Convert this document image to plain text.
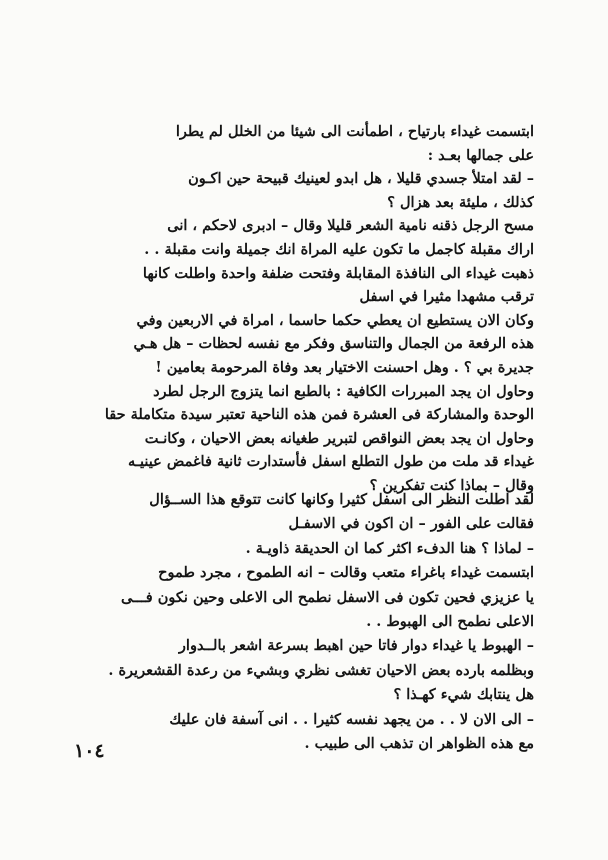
ابتسمت غيداء بارتياح ، اطمأنت الى شيئا من الخلل لم يطرا
على جمالها بعـد :
– لقد امتلأ جسدي قليلا ، هل ابدو لعينيك قبيحة حين اكـون
كذلك ، مليئة بعد هزال ؟
مسح الرجل ذقنه نامية الشعر قليلا وقال – ادبرى لاحكم ، انى
اراك مقبلة كاجمل ما تكون عليه المراة انك جميلة وانت مقبلة . .
ذهبت غيداء الى النافذة المقابلة وفتحت ضلفة واحدة واطلت كانها
ترقب مشهدا مثيرا في اسفل
وكان الان يستطيع ان يعطي حكما حاسما ، امراة في الاربعين وفي
هذه الرفعة من الجمال والتناسق وفكر مع نفسه لحظات – هل هـي
جديرة بي ؟ . وهل احسنت الاختيار بعد وفاة المرحومة بعامين !
وحاول ان يجد المبررات الكافية : بالطبع انما يتزوج الرجل لطرد
الوحدة والمشاركة فى العشرة فمن هذه الناحية تعتبر سيدة متكاملة حقا
وحاول ان يجد بعض النواقص لتبرير طغيانه بعض الاحيان ، وكانـت
غيداء قد ملت من طول التطلع اسفل فأستدارت ثانية فاغمض عينيـه
وقال – بماذا كنت تفكرين ؟
لقد اطلت النظر الى اسفل كثيرا وكانها كانت تتوقع هذا الســؤال
فقالت على الفور – ان اكون في الاسفـل
– لماذا ؟ هنا الدفء اكثر كما ان الحديقة ذاويـة .
ابتسمت غيداء باغراء متعب وقالت – انه الطموح ، مجرد طموح
يا عزيزي فحين تكون فى الاسفل نطمح الى الاعلى وحين نكون فـــى
الاعلى نطمح الى الهبوط . .
– الهبوط يا غيداء دوار فاتا حين اهبط بسرعة اشعر بالــدوار
وبظلمه بارده بعض الاحيان تغشى نظري وبشيء من رعدة القشعريرة .
هل ينتابك شيء كهـذا ؟
– الى الان لا . . من يجهد نفسه كثيرا . . انى آسفة فان عليك
مع هذه الظواهر ان تذهب الى طبيب .
١٠٤
